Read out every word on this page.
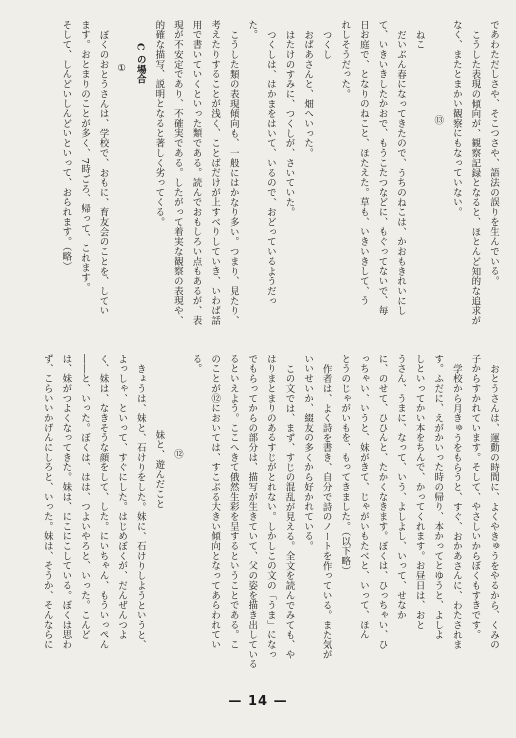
であわただしさや、そこつさや、語法の誤りを生んでいる。
こうした表現の傾向が、観察記録となると、ほとんど知的な追求が
なく、またとまかい観察にもなっていない。
⑬
ねこ
だいぶん春になってきたので、うちのねこは、かおもきれいにし
て、いきいきしたかおで、もうこたつなどに、もぐってないで、毎
日お庭で、となりのねこと、ほたえた。草も、いきいきして、う
れしそうだった。
つくし
おばあさんと、畑へいった。
はたけのすみに、つくしが、さいていた。
つくしは、はかまをはいて、いるので、おどっているようだっ
た。
こうした類の表現傾向も、一般にはかなり多い。つまり、見たり、
考えたりすることが浅く、ことばだけが上すべりしていき、いわば話
用で書いていくといった類である。読んでおもしろい点もあるが、表
現が不安定であり、不確実である。したがって着実な観察の表現や、
的確な描写、説明となると著しく劣ってくる。
C の場合
①
ぼくのおとうさんは、学校で、おもに、育友会のことを、してい
ます。おとまりのことが多く、7時ごろ、帰って、これます。
そして、しんどいしんどいといって、おられます。（略）
おとうさんは、運動の時間に、よくやきゅうをやるから、くみの
子からすかれています。そして、やさしいからぼくもすきです。
学校から月きゅうをもらうと、すぐ、おかあさんに、わたされま
す。ふだに、えがかいった時の帰り、本かってとゆうと、よしよ
しといってかい本をちんで、かってくれます。お昼日は、おと
うさん、うまに、なって、いう、よしよし、いって、せなか
に、のせて、ひひんと、たかくなきます。ぼくは、ひっちゃい、ひ
っちゃい、いうと、妹がきて、じゃがいもたべと、いって、ほん
とうのじゃがいもを、もってきました。（以下略）
作者は、よく詩を書き、自分で詩のノートを作っている。また気が
いいせいか、綴友の多くから好かれている。
この文では、まず、すじの混乱が見える。全文を読んでみても、や
はりまとまりのあるすじがとれない。しかしこの文の「うま」になっ
でもらってからの部分は、描写が生きていて、父の姿を描き出している
るといえよう。ここへきて俄然生彩を呈するということである。こ
のことが⑫においては、すこぶる大きい傾向となってあらわれてい
る。
⑫
妹と、遊んだこと
きょうは、妹と、石けりをした。妹に、石けりしようというと、
よっしゃ、といって、すぐにした。はじめぼくが、だんぜんつよ
く、妹は、なきそうな顔をして、した。にいちゃん、もういっぺん
――と、いった。ぼくは、はは、つよいやろと、いった。こんど
は、妹がつよくなってきた。妹は、にこにこしている。ぼくは思わ
ず、こらいいかげんにしろと、いった。妹は、そうか、そんならに
— 14 —
